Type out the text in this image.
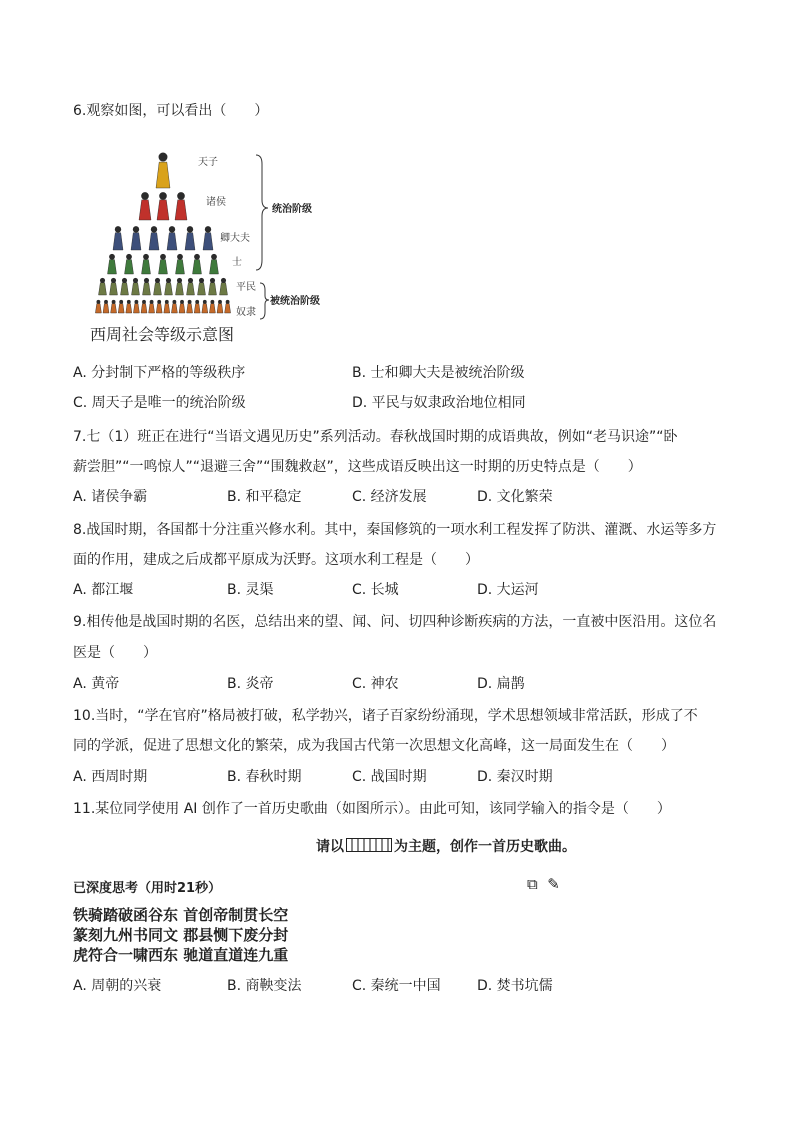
6.观察如图，可以看出（　　）
天子
诸侯
卿大夫
士
平民
奴隶
统治阶级
被统治阶级
西周社会等级示意图
A. 分封制下严格的等级秩序	B. 士和卿大夫是被统治阶级
C. 周天子是唯一的统治阶级	D. 平民与奴隶政治地位相同
7.七（1）班正在进行“当语文遇见历史”系列活动。春秋战国时期的成语典故，例如“老马识途”“卧
薪尝胆”“一鸣惊人”“退避三舍”“围魏救赵”，这些成语反映出这一时期的历史特点是（　　）
A. 诸侯争霸	B. 和平稳定	C. 经济发展	D. 文化繁荣
8.战国时期，各国都十分注重兴修水利。其中，秦国修筑的一项水利工程发挥了防洪、灌溉、水运等多方
面的作用，建成之后成都平原成为沃野。这项水利工程是（　　）
A. 都江堰	B. 灵渠	C. 长城	D. 大运河
9.相传他是战国时期的名医，总结出来的望、闻、问、切四种诊断疾病的方法，一直被中医沿用。这位名
医是（　　）
A. 黄帝	B. 炎帝	C. 神农	D. 扁鹊
10.当时，“学在官府”格局被打破，私学勃兴，诸子百家纷纷涌现，学术思想领域非常活跃，形成了不
同的学派，促进了思想文化的繁荣，成为我国古代第一次思想文化高峰，这一局面发生在（　　）
A. 西周时期	B. 春秋时期	C. 战国时期	D. 秦汉时期
11.某位同学使用 AI 创作了一首历史歌曲（如图所示）。由此可知，该同学输入的指令是（　　）
请以	为主题，创作一首历史歌曲。
已深度思考（用时21秒）	⧉ ✎
铁骑踏破函谷东 首创帝制贯长空
篆刻九州书同文 郡县恻下废分封
虎符合一啸西东 驰道直道连九重
A. 周朝的兴衰	B. 商鞅变法	C. 秦统一中国	D. 焚书坑儒
